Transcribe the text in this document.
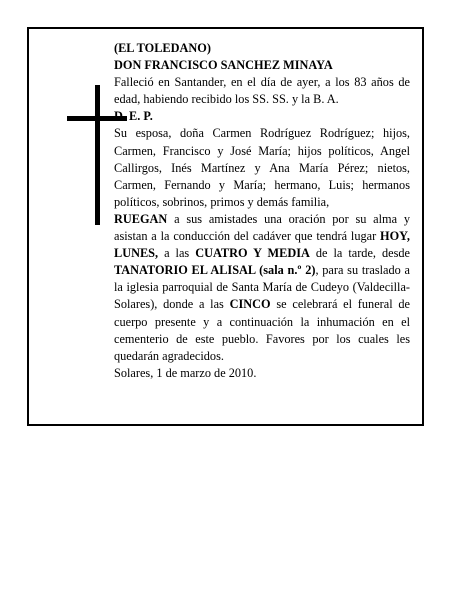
(EL TOLEDANO)

DON FRANCISCO SANCHEZ MINAYA

Falleció en Santander, en el día de ayer, a los 83 años de edad, habiendo recibido los SS. SS. y la B. A.

D. E. P.

Su esposa, doña Carmen Rodríguez Rodríguez; hijos, Carmen, Francisco y José María; hijos políticos, Angel Callirgos, Inés Martínez y Ana María Pérez; nietos, Carmen, Fernando y María; hermano, Luis; hermanos políticos, sobrinos, primos y demás familia,

RUEGAN a sus amistades una oración por su alma y asistan a la conducción del cadáver que tendrá lugar HOY, LUNES, a las CUATRO Y MEDIA de la tarde, desde TANATORIO EL ALISAL (sala n.º 2), para su traslado a la iglesia parroquial de Santa María de Cudeyo (Valdecilla-Solares), donde a las CINCO se celebrará el funeral de cuerpo presente y a continuación la inhumación en el cementerio de este pueblo. Favores por los cuales les quedarán agradecidos.

Solares, 1 de marzo de 2010.
